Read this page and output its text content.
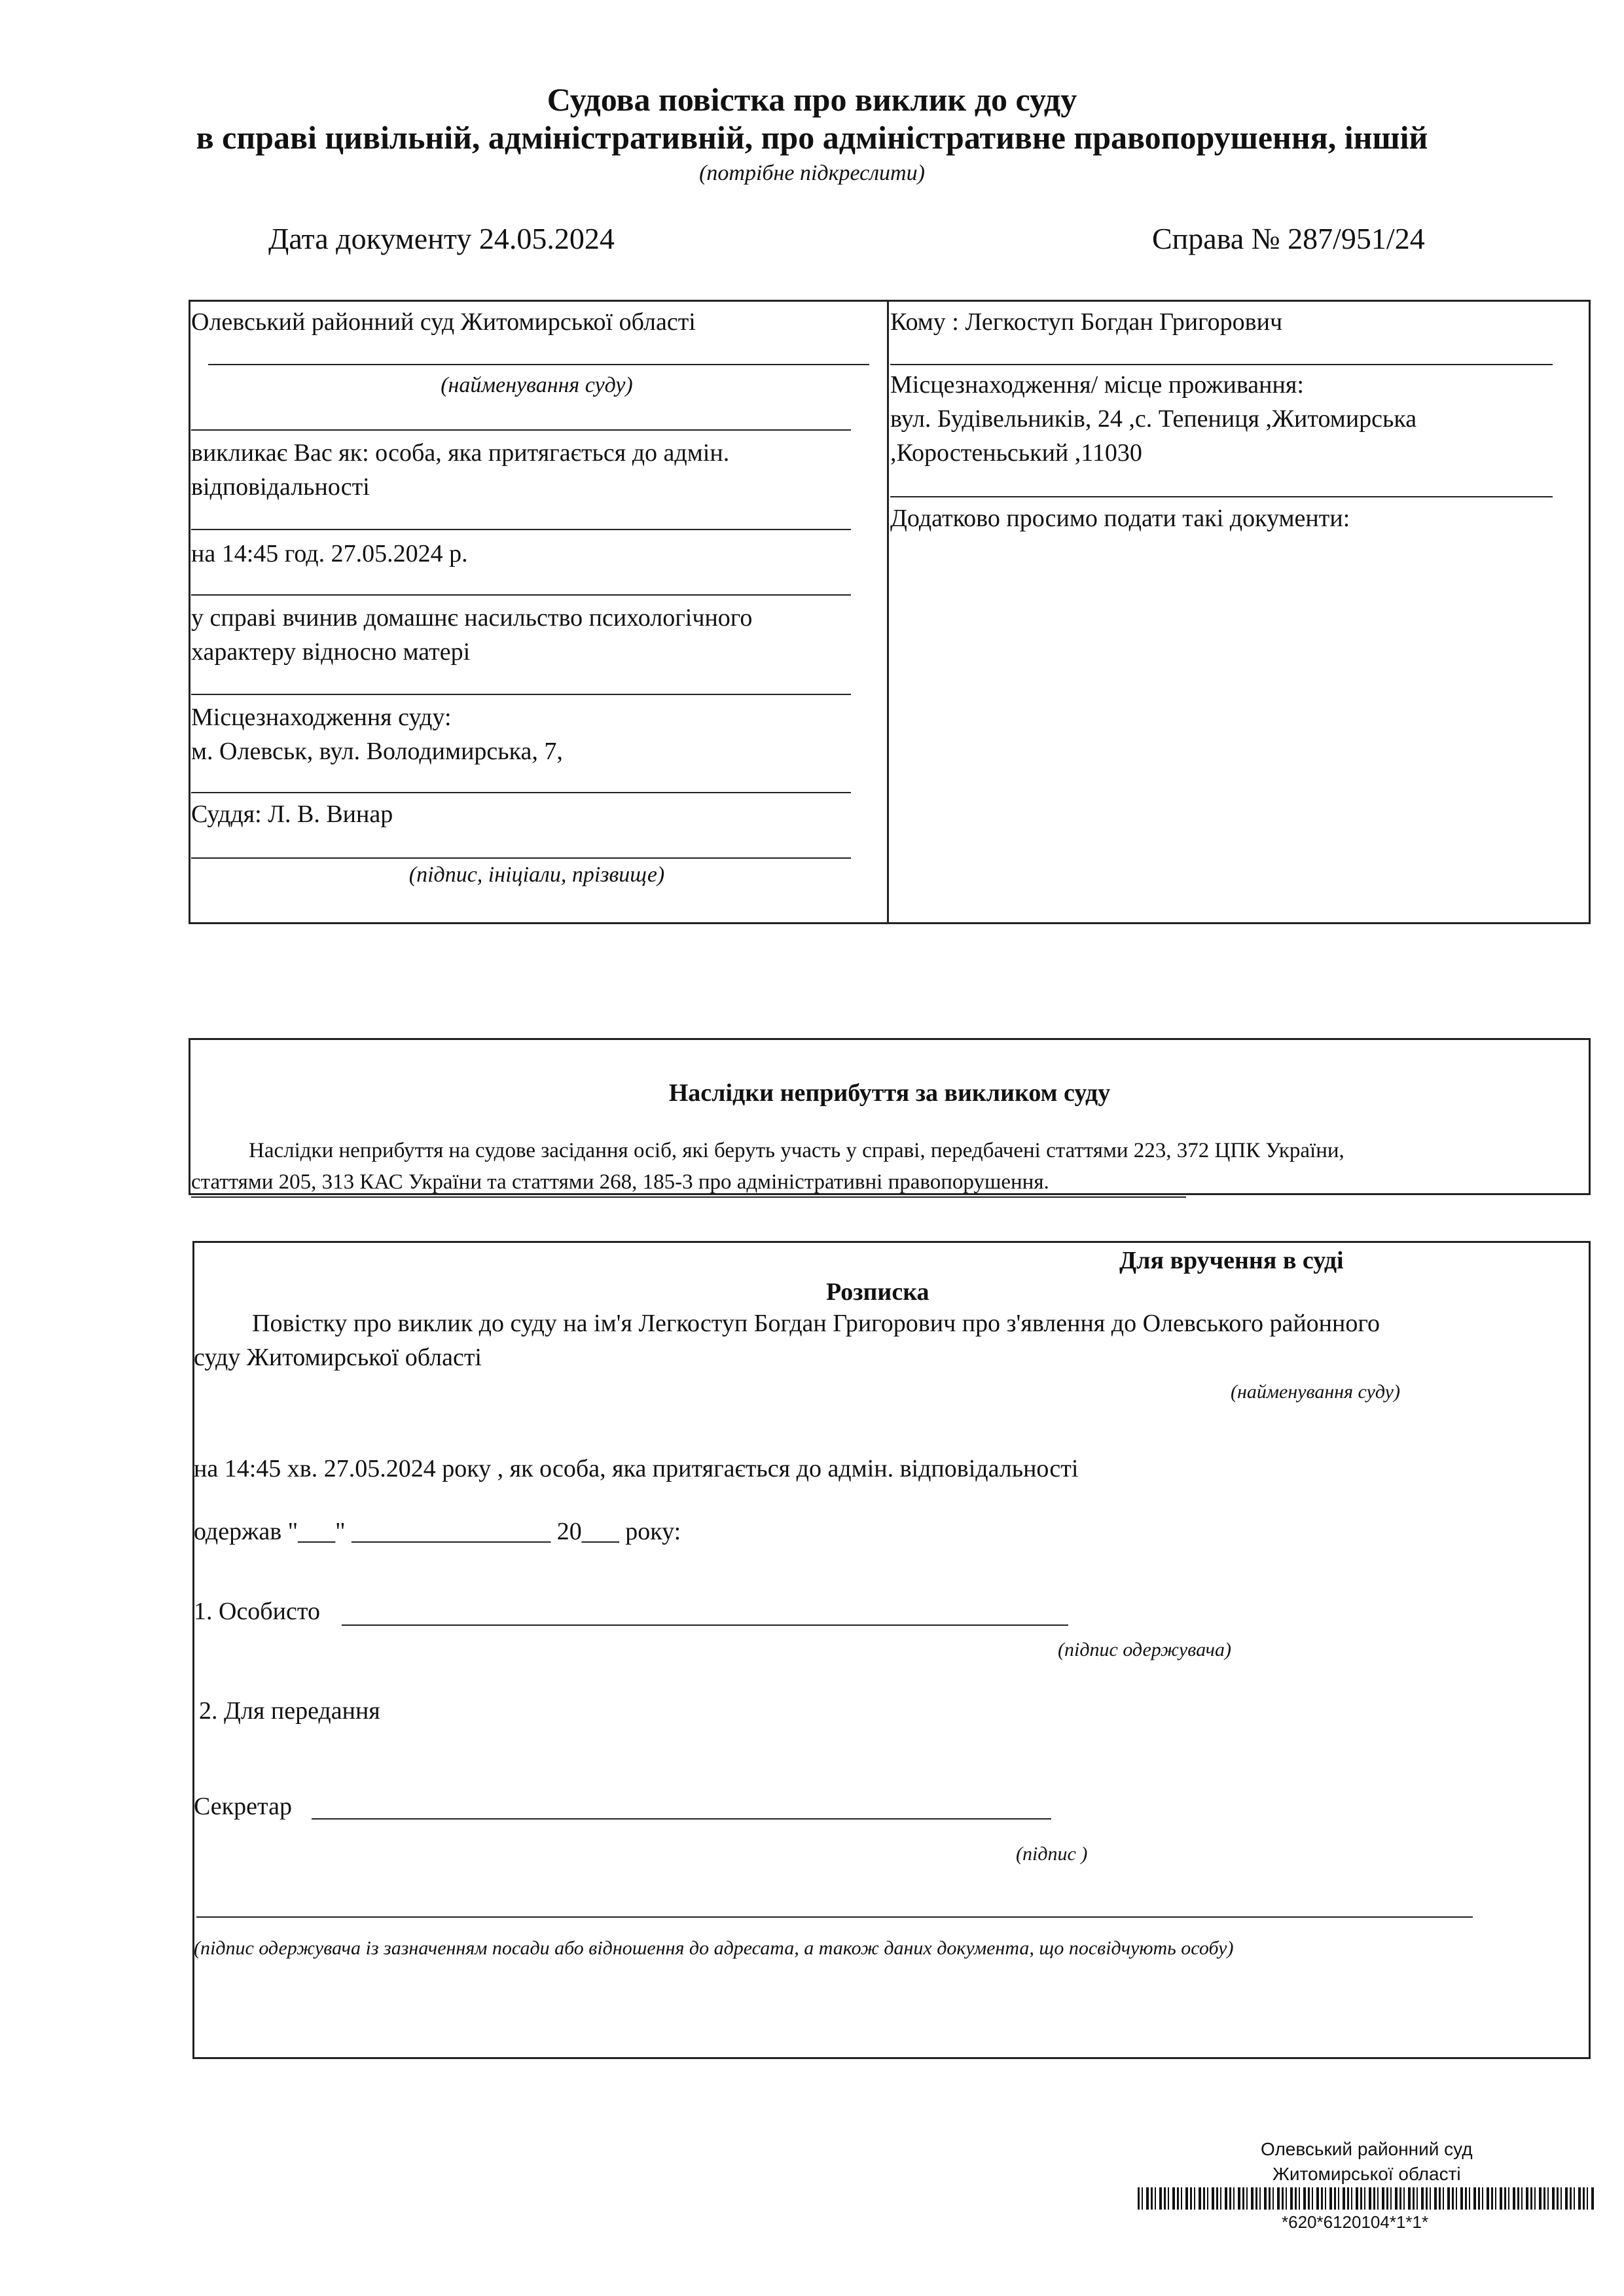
Судова повістка про виклик до суду
в справі цивільній, адміністративній, про адміністративне правопорушення, іншій
(потрібне підкреслити)
Дата документу 24.05.2024	Справа № 287/951/24
Олевський районний суд Житомирської області
(найменування суду)
викликає Вас як: особа, яка притягається до адмін.
відповідальності
на 14:45 год. 27.05.2024 р.
у справі вчинив домашнє насильство психологічного
характеру відносно матері
Місцезнаходження суду:
м. Олевськ, вул. Володимирська, 7,
Суддя: Л. В. Винар
(підпис, ініціали, прізвище)
Кому : Легкоступ Богдан Григорович
Місцезнаходження/ місце проживання:
вул. Будівельників, 24 ,с. Тепениця ,Житомирська
,Коростеньський ,11030
Додатково просимо подати такі документи:
Наслідки неприбуття за викликом суду
Наслідки неприбуття на судове засідання осіб, які беруть участь у справі, передбачені статтями 223, 372 ЦПК України,
статтями 205, 313 КАС України та статтями 268, 185-3 про адміністративні правопорушення.
Для вручення в суді
Розписка
Повістку про виклик до суду на ім'я Легкоступ Богдан Григорович про з'явлення до Олевського районного
суду Житомирської області
(найменування суду)
на 14:45 хв. 27.05.2024 року , як особа, яка притягається до адмін. відповідальності
одержав "___" ________________ 20___ року:
1. Особисто
(підпис одержувача)
2. Для передання
Секретар
(підпис )
(підпис одержувача із зазначенням посади або відношення до адресата, а також даних документа, що посвідчують особу)
Олевський районний суд
Житомирської області
*620*6120104*1*1*
